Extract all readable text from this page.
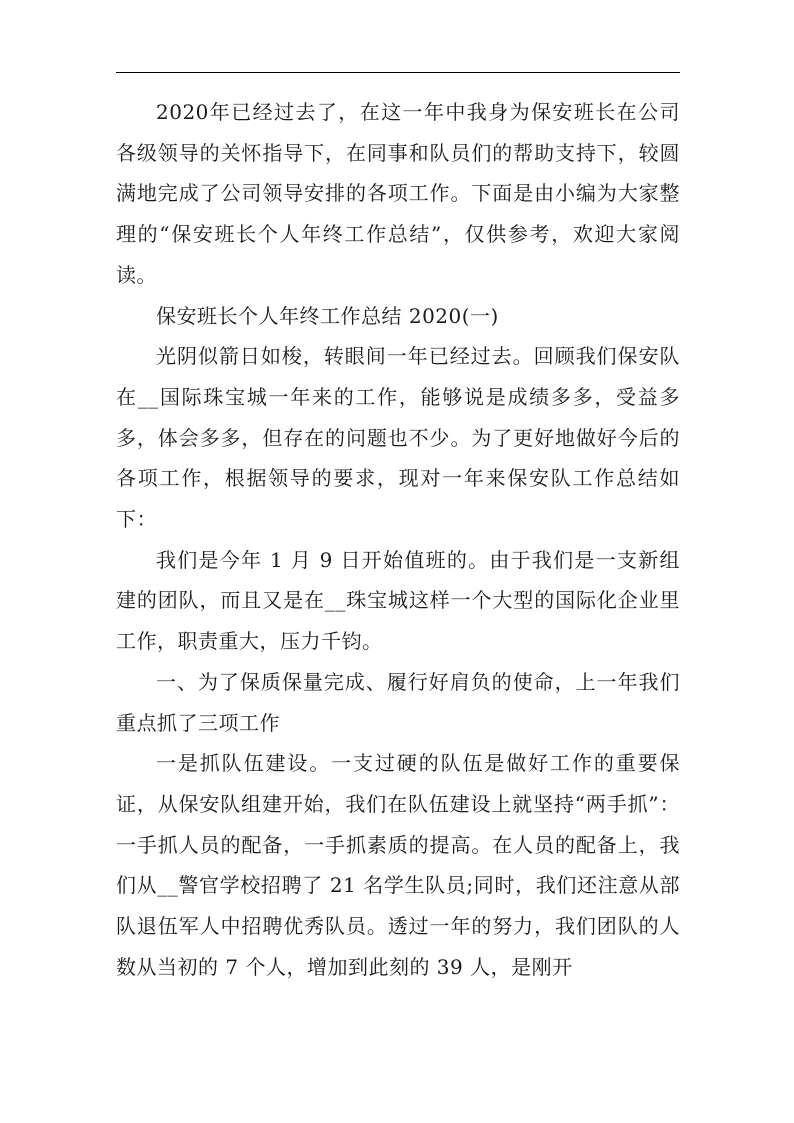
2020年已经过去了，在这一年中我身为保安班长在公司各级领导的关怀指导下，在同事和队员们的帮助支持下，较圆满地完成了公司领导安排的各项工作。下面是由小编为大家整理的“保安班长个人年终工作总结”，仅供参考，欢迎大家阅读。

保安班长个人年终工作总结 2020(一)

光阴似箭日如梭，转眼间一年已经过去。回顾我们保安队在__国际珠宝城一年来的工作，能够说是成绩多多，受益多多，体会多多，但存在的问题也不少。为了更好地做好今后的各项工作，根据领导的要求，现对一年来保安队工作总结如下：

我们是今年 1 月 9 日开始值班的。由于我们是一支新组建的团队，而且又是在__珠宝城这样一个大型的国际化企业里工作，职责重大，压力千钧。

一、为了保质保量完成、履行好肩负的使命，上一年我们重点抓了三项工作

一是抓队伍建设。一支过硬的队伍是做好工作的重要保证，从保安队组建开始，我们在队伍建设上就坚持“两手抓”：一手抓人员的配备，一手抓素质的提高。在人员的配备上，我们从__警官学校招聘了 21 名学生队员;同时，我们还注意从部队退伍军人中招聘优秀队员。透过一年的努力，我们团队的人数从当初的 7 个人，增加到此刻的 39 人，是刚开
